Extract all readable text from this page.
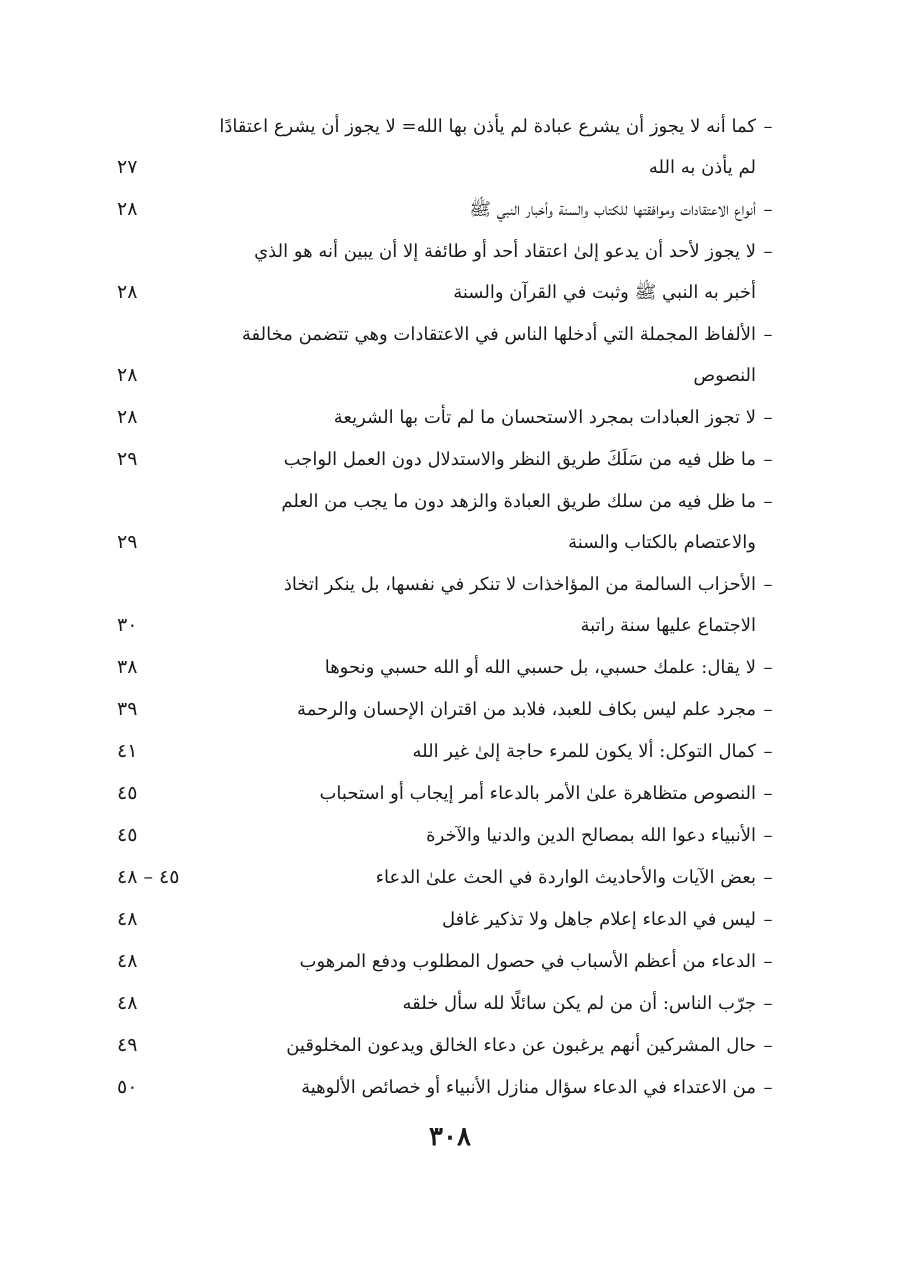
–
كما أنه لا يجوز أن يشرع عبادة لم يأذن بها الله= لا يجوز أن يشرع اعتقادًا
لم يأذن به الله
٢٧
–
أنواع الاعتقادات وموافقتها للكتاب والسنة وأخبار النبي ﷺ
٢٨
–
لا يجوز لأحد أن يدعو إلىٰ اعتقاد أحد أو طائفة إلا أن يبين أنه هو الذي
أخبر به النبي ﷺ وثبت في القرآن والسنة
٢٨
–
الألفاظ المجملة التي أدخلها الناس في الاعتقادات وهي تتضمن مخالفة
النصوص
٢٨
–
لا تجوز العبادات بمجرد الاستحسان ما لم تأت بها الشريعة
٢٨
–
ما ظل فيه من سَلَكَ طريق النظر والاستدلال دون العمل الواجب
٢٩
–
ما ظل فيه من سلك طريق العبادة والزهد دون ما يجب من العلم
والاعتصام بالكتاب والسنة
٢٩
–
الأحزاب السالمة من المؤاخذات لا تنكر في نفسها، بل ينكر اتخاذ
الاجتماع عليها سنة راتبة
٣٠
–
لا يقال: علمك حسبي، بل حسبي الله أو الله حسبي ونحوها
٣٨
–
مجرد علم ليس بكاف للعبد، فلابد من اقتران الإحسان والرحمة
٣٩
–
كمال التوكل: ألا يكون للمرء حاجة إلىٰ غير الله
٤١
–
النصوص متظاهرة علىٰ الأمر بالدعاء أمر إيجاب أو استحباب
٤٥
–
الأنبياء دعوا الله بمصالح الدين والدنيا والآخرة
٤٥
–
بعض الآيات والأحاديث الواردة في الحث علىٰ الدعاء
٤٥ – ٤٨
–
ليس في الدعاء إعلام جاهل ولا تذكير غافل
٤٨
–
الدعاء من أعظم الأسباب في حصول المطلوب ودفع المرهوب
٤٨
–
جرّب الناس: أن من لم يكن سائلًا لله سأل خلقه
٤٨
–
حال المشركين أنهم يرغبون عن دعاء الخالق ويدعون المخلوقين
٤٩
–
من الاعتداء في الدعاء سؤال منازل الأنبياء أو خصائص الألوهية
٥٠
٣٠٨
